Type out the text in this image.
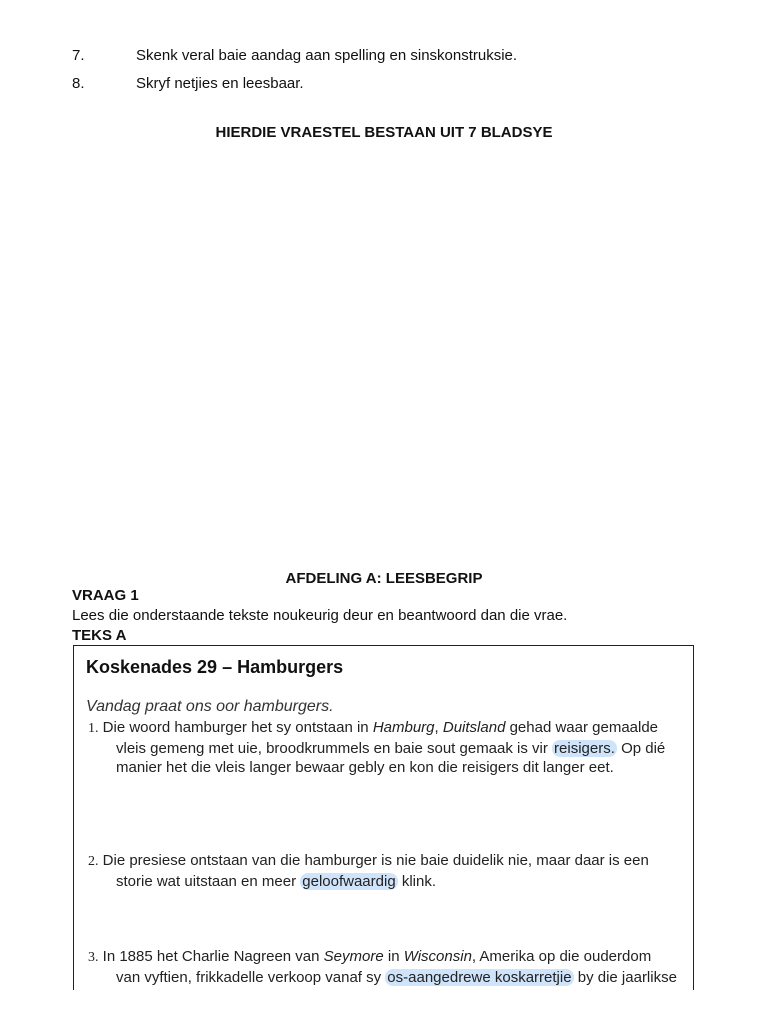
7.	Skenk veral baie aandag aan spelling en sinskonstruksie.
8.	Skryf netjies en leesbaar.
HIERDIE VRAESTEL BESTAAN UIT 7 BLADSYE
AFDELING A: LEESBEGRIP
VRAAG 1
Lees die onderstaande tekste noukeurig deur en beantwoord dan die vrae.
TEKS A
Koskenades 29 – Hamburgers
Vandag praat ons oor hamburgers.
1. Die woord hamburger het sy ontstaan in Hamburg, Duitsland gehad waar gemaalde
vleis gemeng met uie, broodkrummels en baie sout gemaak is vir reisigers. Op dié
manier het die vleis langer bewaar gebly en kon die reisigers dit langer eet.
2. Die presiese ontstaan van die hamburger is nie baie duidelik nie, maar daar is een
storie wat uitstaan en meer geloofwaardig klink.
3. In 1885 het Charlie Nagreen van Seymore in Wisconsin, Amerika op die ouderdom
van vyftien, frikkadelle verkoop vanaf sy os-aangedrewe koskarretjie by die jaarlikse
